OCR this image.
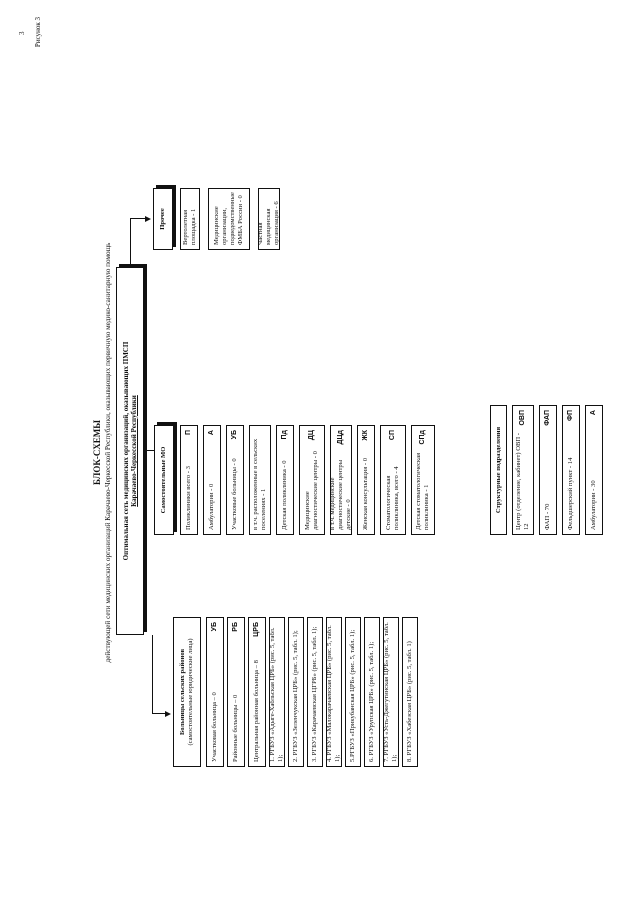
3 Рисунок 3
БЛОК-СХЕМЫ действующей сети медицинских организаций Карачаево-Черкесской Республики, оказывающих первичную медико-санитарную помощь Оптимальная сеть медицинских организаций, оказывающих ПМСП Карачаево-Черкесской Республики
Больницы сельских районов (самостоятельные юридические лица)	Участковая больница – 0
УБ
Районные больницы – 0
РБ
Центральная районная больница – 8
ЦРБ 1. РГБУЗ «Адыге-Хабльская ЦРБ» (рис. 5, табл. 1); 2. РГБУЗ «Зеленчукская ЦРБ» (рис. 5, табл. 1); 3. РГБУЗ «Карачаевская ЦГРБ» (рис. 5, табл. 1); 4. РГБУЗ «Малокарачаевская ЦРБ» (рис. 5, табл. 1); 5.РГБУЗ «Прикубанская ЦРБ» (рис. 5, табл. 1); 6. РГБУЗ «Урупская ЦРБ» (рис. 5, табл. 1); 7. РГБУЗ «Усть-Джегутинская ЦРБ» (рис. 5, табл. 1); 8. РГБУЗ «Хабезская ЦРБ» (рис. 5, табл. 1)
Самостоятельные МО	Поликлиники всего - 3
П
Амбулатории - 0
А
Участковые больницы - 0
УБ
в т.ч. расположенные в сельских поселениях - 1 Детская поликлиника - 0
Пд
Медицинские диагностические центры - 0
ДЦ
в т.ч. медицинские диагностические центры детские - 0
ДЦд
Женская консультация - 0
ЖК
Стоматологическая поликлиника, всего - 4
СП
Детская стоматологическая поликлиника - 1
СПд	Структурные подразделения Центр (отделение, кабинет) ОВП - 12
ОВП
ФАП - 70
ФАП
Фельдшерский пункт - 14
ФП
Амбулатории - 30
А
Прочее Вертолетная площадка - 1 Медицинские организации, подведомственные ФМБА России - 0 Частная медицинская организация - 6
